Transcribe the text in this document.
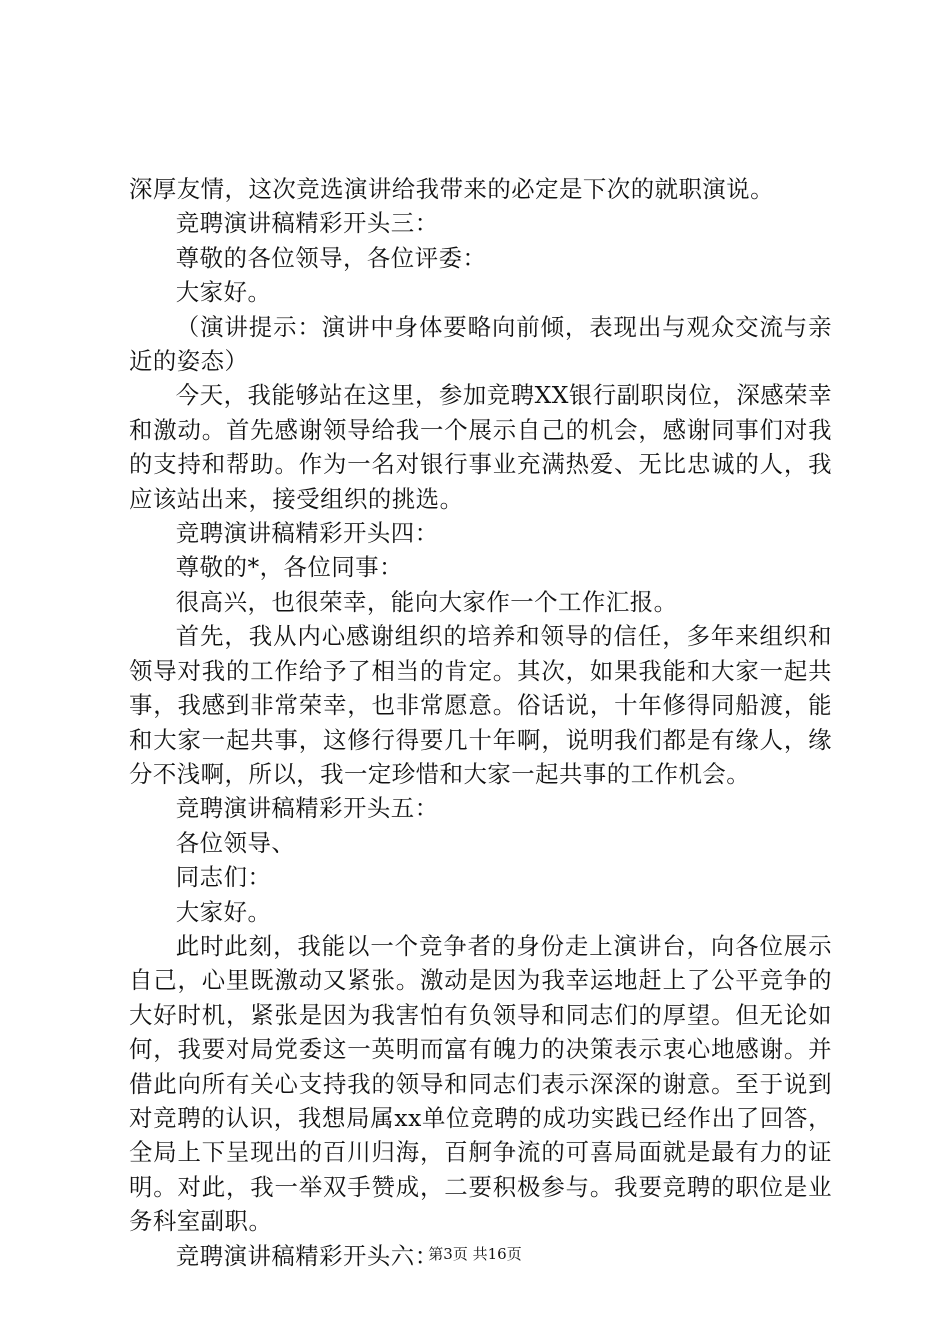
深厚友情，这次竞选演讲给我带来的必定是下次的就职演说。

竞聘演讲稿精彩开头三：

尊敬的各位领导，各位评委：

大家好。

（演讲提示：演讲中身体要略向前倾，表现出与观众交流与亲近的姿态）

今天，我能够站在这里，参加竞聘XX银行副职岗位，深感荣幸和激动。首先感谢领导给我一个展示自己的机会，感谢同事们对我的支持和帮助。作为一名对银行事业充满热爱、无比忠诚的人，我应该站出来，接受组织的挑选。

竞聘演讲稿精彩开头四：

尊敬的*，各位同事：

很高兴，也很荣幸，能向大家作一个工作汇报。

首先，我从内心感谢组织的培养和领导的信任，多年来组织和领导对我的工作给予了相当的肯定。其次，如果我能和大家一起共事，我感到非常荣幸，也非常愿意。俗话说，十年修得同船渡，能和大家一起共事，这修行得要几十年啊，说明我们都是有缘人，缘分不浅啊，所以，我一定珍惜和大家一起共事的工作机会。

竞聘演讲稿精彩开头五：

各位领导、

同志们：

大家好。

此时此刻，我能以一个竞争者的身份走上演讲台，向各位展示自己，心里既激动又紧张。激动是因为我幸运地赶上了公平竞争的大好时机，紧张是因为我害怕有负领导和同志们的厚望。但无论如何，我要对局党委这一英明而富有魄力的决策表示衷心地感谢。并借此向所有关心支持我的领导和同志们表示深深的谢意。至于说到对竞聘的认识，我想局属xx单位竞聘的成功实践已经作出了回答，全局上下呈现出的百川归海，百舸争流的可喜局面就是最有力的证明。对此，我一举双手赞成，二要积极参与。我要竞聘的职位是业务科室副职。

竞聘演讲稿精彩开头六：

第3页 共16页
